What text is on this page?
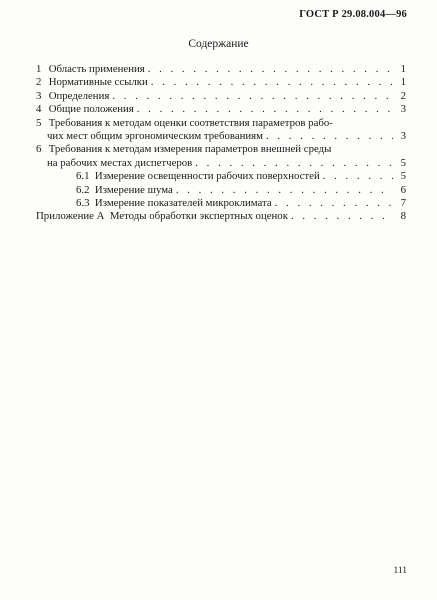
ГОСТ Р 29.08.004—96
Содержание
1 Область применения . . .	1
2 Нормативные ссылки . . .	1
3 Определения . . .	2
4 Общие положения . . .	3
5 Требования к методам оценки соответствия параметров рабо-
чих мест общим эргономическим требованиям . . .	3
6 Требования к методам измерения параметров внешней среды
на рабочих местах диспетчеров . . .	5
6.1 Измерение освещенности рабочих поверхностей . . .	5
6.2 Измерение шума . . .	6
6.3 Измерение показателей микроклимата . . .	7
Приложение А  Методы обработки экспертных оценок . . .	8
111
